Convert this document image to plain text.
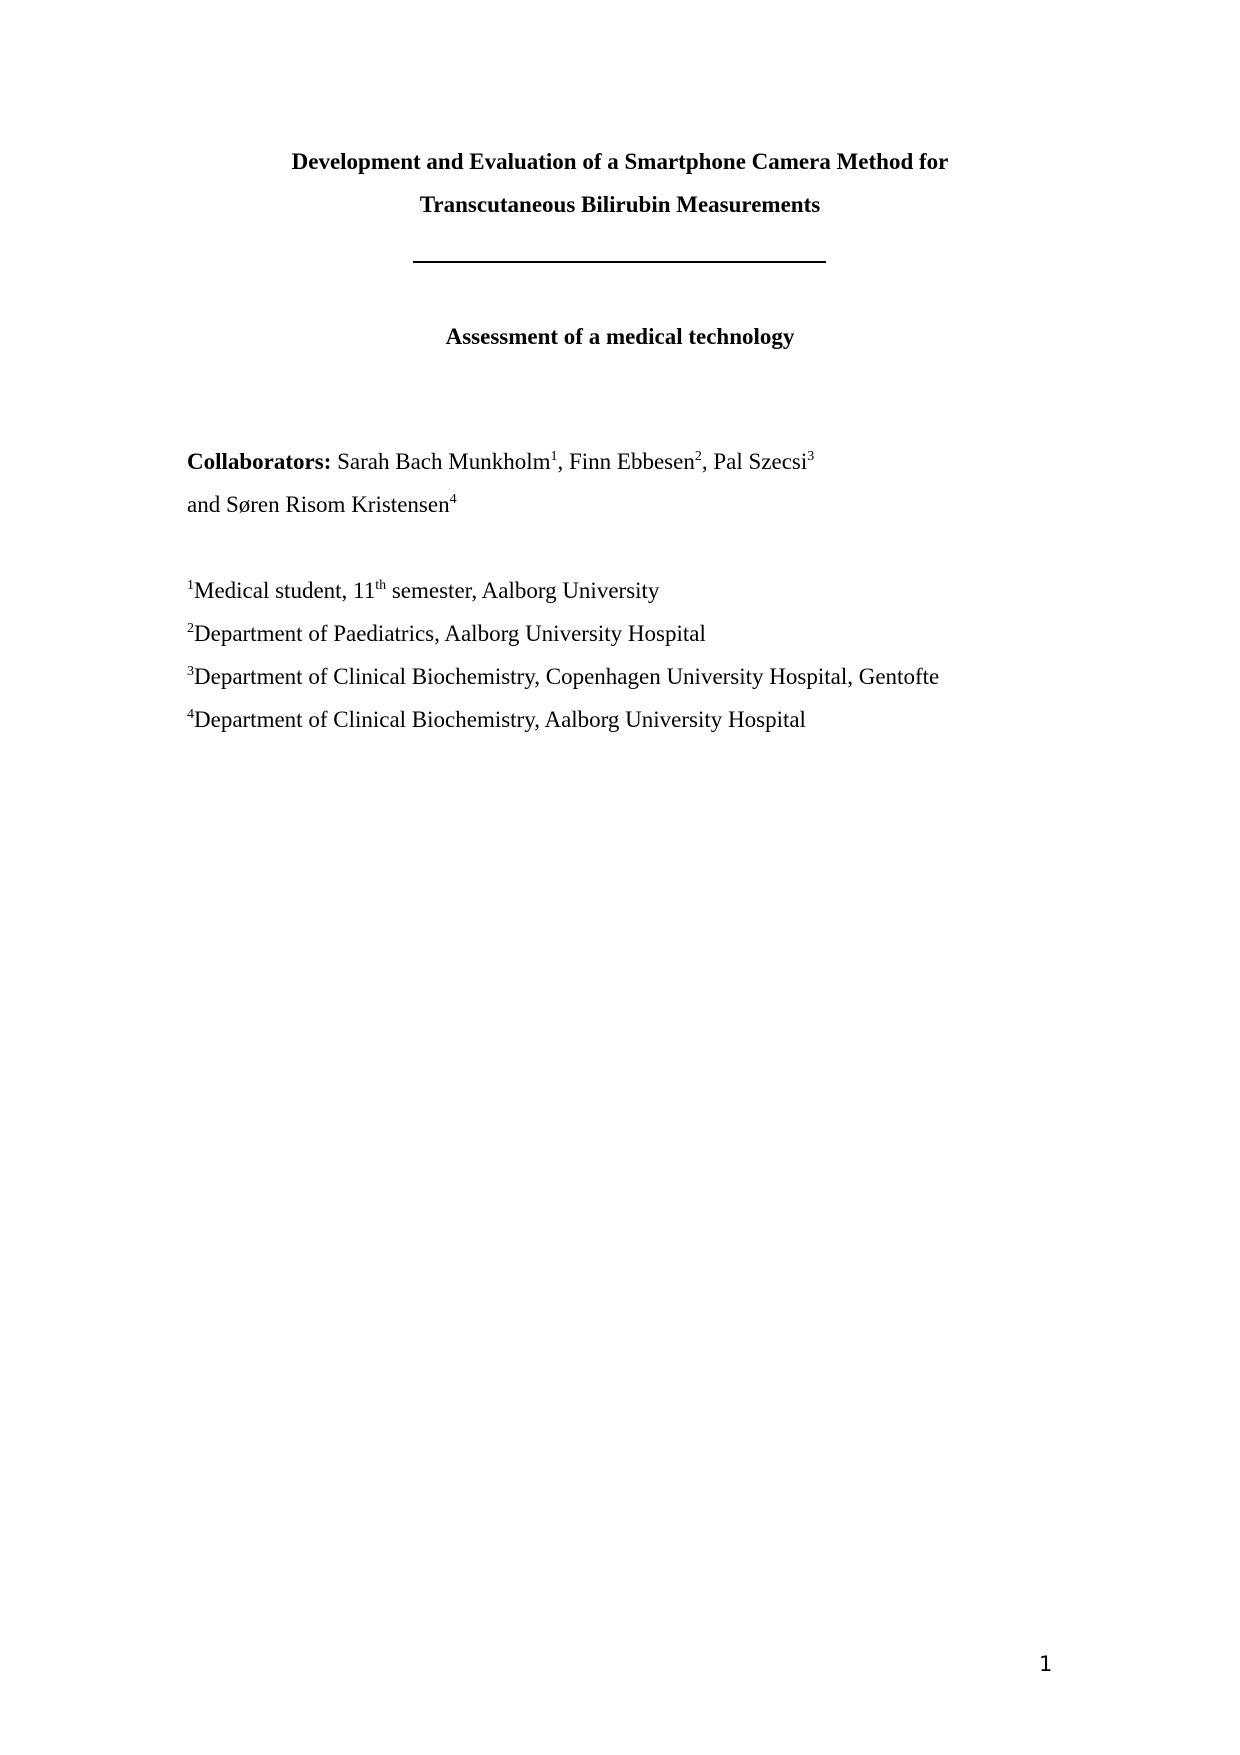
Development and Evaluation of a Smartphone Camera Method for
Transcutaneous Bilirubin Measurements
Assessment of a medical technology
Collaborators: Sarah Bach Munkholm$^1$, Finn Ebbesen$^2$, Pal Szecsi$^3$
and Søren Risom Kristensen$^4$
$^1$Medical student, 11th semester, Aalborg University
$^2$Department of Paediatrics, Aalborg University Hospital
$^3$Department of Clinical Biochemistry, Copenhagen University Hospital, Gentofte
$^4$Department of Clinical Biochemistry, Aalborg University Hospital
1
